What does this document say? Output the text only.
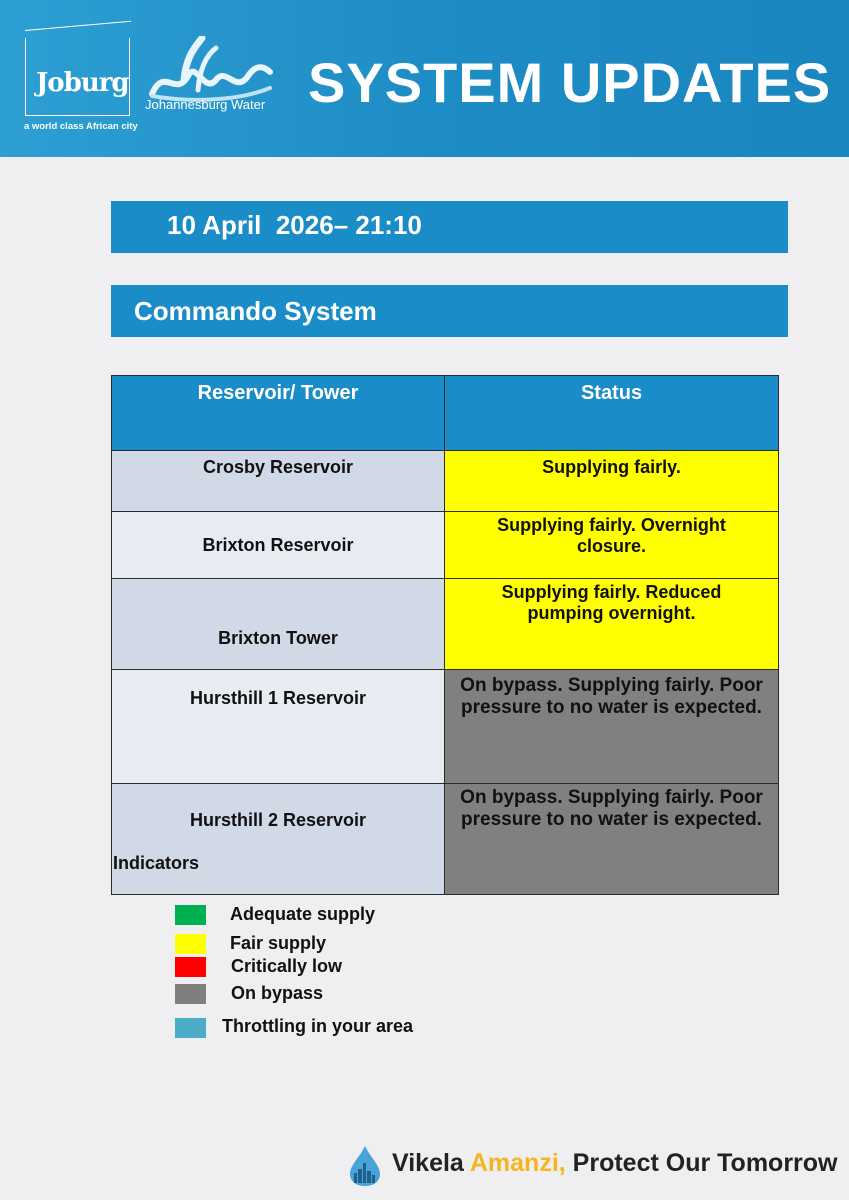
Joburg
a world class African city
Johannesburg Water SYSTEM UPDATES
10 April  2026– 21:10
Commando System
Reservoir/ Tower	Status
Crosby Reservoir	Supplying fairly.
Brixton Reservoir	Supplying fairly. Overnight closure.
Brixton Tower	Supplying fairly. Reduced pumping overnight.
Hursthill 1 Reservoir	On bypass. Supplying fairly. Poor pressure to no water is expected.
Hursthill 2 Reservoir	On bypass. Supplying fairly. Poor pressure to no water is expected.
Indicators
Adequate supply
Fair supply
Critically low
On bypass
Throttling in your area
Vikela Amanzi, Protect Our Tomorrow
